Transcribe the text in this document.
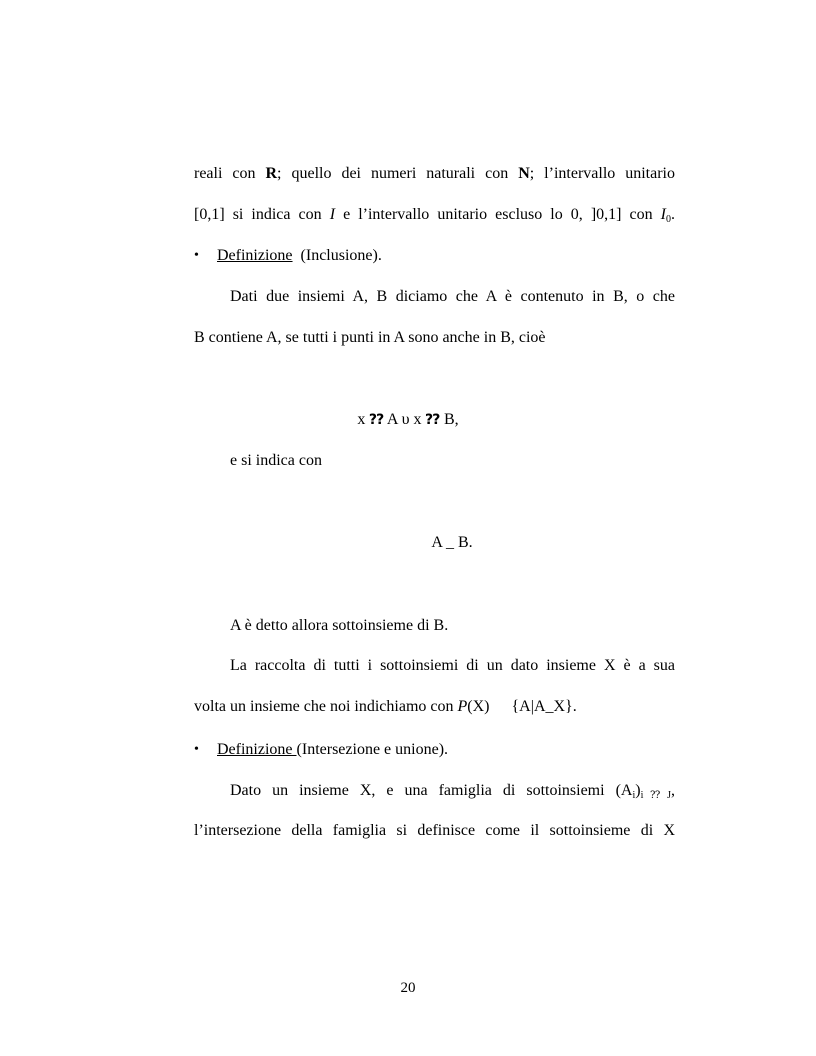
reali con R; quello dei numeri naturali con N; l’intervallo unitario
[0,1] si indica con I e l’intervallo unitario escluso lo 0, ]0,1] con $I_0$.
• Definizione (Inclusione).
Dati due insiemi A, B diciamo che A è contenuto in B, o che
B contiene A, se tutti i punti in A sono anche in B, cioè
x ⁇ A υ x ⁇ B,
e si indica con
A _ B.
A è detto allora sottoinsieme di B.
La raccolta di tutti i sottoinsiemi di un dato insieme X è a sua
volta un insieme che noi indichiamo con P(X) {A|A_X}.
• Definizione (Intersezione e unione).
Dato un insieme X, e una famiglia di sottoinsiemi $(A_i)_{i⁇J}$,
l’intersezione della famiglia si definisce come il sottoinsieme di X
20
